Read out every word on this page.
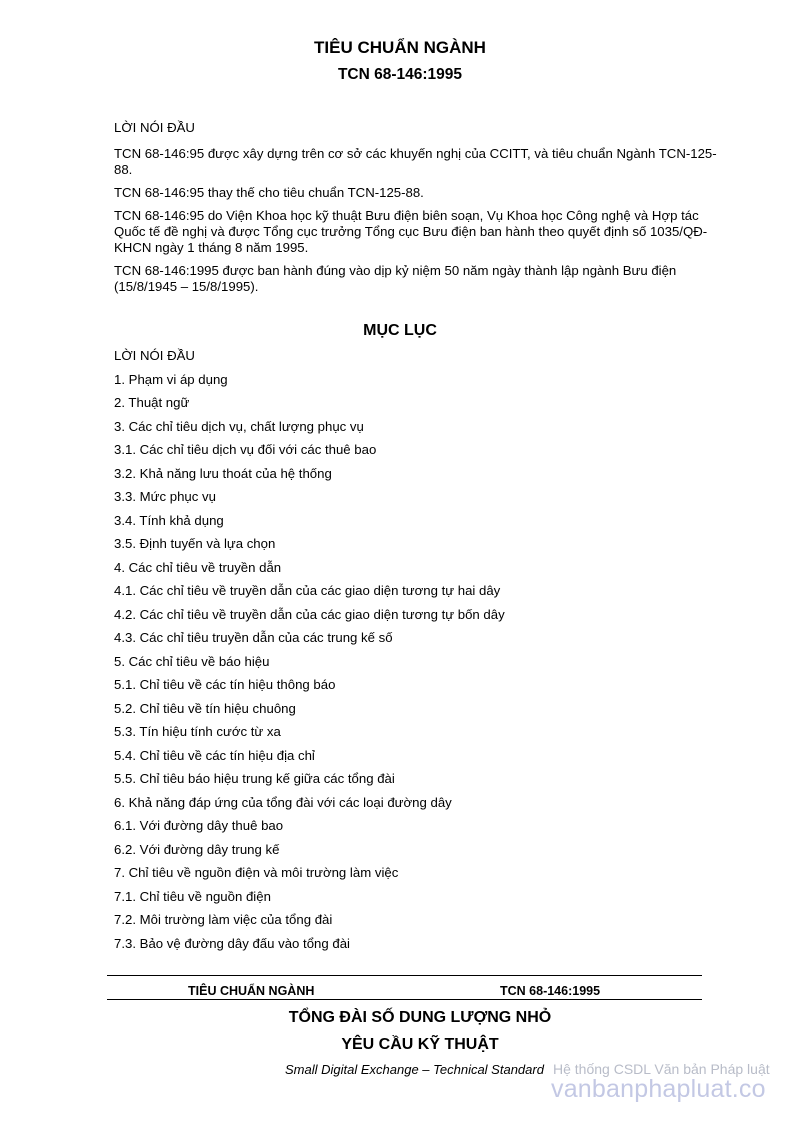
TIÊU CHUẨN NGÀNH
TCN 68-146:1995

LỜI NÓI ĐẦU

TCN 68-146:95 được xây dựng trên cơ sở các khuyến nghị của CCITT, và tiêu chuẩn Ngành TCN-125-88.

TCN 68-146:95 thay thế cho tiêu chuẩn TCN-125-88.

TCN 68-146:95 do Viện Khoa học kỹ thuật Bưu điện biên soạn, Vụ Khoa học Công nghệ và Hợp tác Quốc tế đề nghị và được Tổng cục trưởng Tổng cục Bưu điện ban hành theo quyết định số 1035/QĐ-KHCN ngày 1 tháng 8 năm 1995.

TCN 68-146:1995 được ban hành đúng vào dịp kỷ niệm 50 năm ngày thành lập ngành Bưu điện (15/8/1945 – 15/8/1995).

MỤC LỤC
LỜI NÓI ĐẦU
1. Phạm vi áp dụng
2. Thuật ngữ
3. Các chỉ tiêu dịch vụ, chất lượng phục vụ
3.1. Các chỉ tiêu dịch vụ đối với các thuê bao
3.2. Khả năng lưu thoát của hệ thống
3.3. Mức phục vụ
3.4. Tính khả dụng
3.5. Định tuyến và lựa chọn
4. Các chỉ tiêu về truyền dẫn
4.1. Các chỉ tiêu về truyền dẫn của các giao diện tương tự hai dây
4.2. Các chỉ tiêu về truyền dẫn của các giao diện tương tự bốn dây
4.3. Các chỉ tiêu truyền dẫn của các trung kế số
5. Các chỉ tiêu về báo hiệu
5.1. Chỉ tiêu về các tín hiệu thông báo
5.2. Chỉ tiêu về tín hiệu chuông
5.3. Tín hiệu tính cước từ xa
5.4. Chỉ tiêu về các tín hiệu địa chỉ
5.5. Chỉ tiêu báo hiệu trung kế giữa các tổng đài
6. Khả năng đáp ứng của tổng đài với các loại đường dây
6.1. Với đường dây thuê bao
6.2. Với đường dây trung kế
7. Chỉ tiêu về nguồn điện và môi trường làm việc
7.1. Chỉ tiêu về nguồn điện
7.2. Môi trường làm việc của tổng đài
7.3. Bảo vệ đường dây đấu vào tổng đài
TIÊU CHUẨN NGÀNH	TCN 68-146:1995
TỔNG ĐÀI SỐ DUNG LƯỢNG NHỎ
YÊU CẦU KỸ THUẬT
Small Digital Exchange – Technical Standard Hệ thống CSDL Văn bản Pháp luật
vanbanphapluat.co
